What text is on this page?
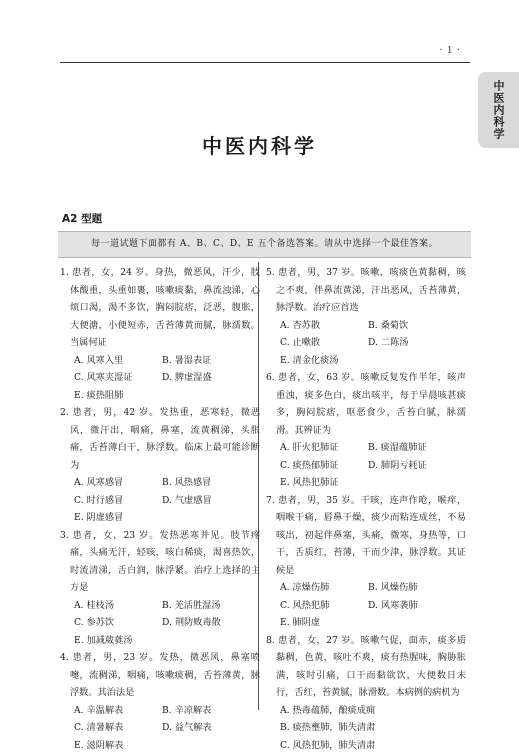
· 1 ·
中医内科学
中医内科学
A2 型题
每一道试题下面都有 A、B、C、D、E 五个备选答案。请从中选择一个最佳答案。
1. 患者，女，24 岁。身热，微恶风，汗少，肢体酸重，头重如裹，咳嗽痰黏，鼻流浊涕，心烦口渴，渴不多饮，胸闷脘痞，泛恶，腹胀，大便溏，小便短赤，舌苔薄黄而腻，脉濡数。当属何证
A. 风寒入里	B. 暑湿表证
C. 风寒夹湿证	D. 脾虚湿盛
E. 痰热阻肺
2. 患者，男，42 岁。发热重，恶寒轻，微恶风，微汗出，咽痛，鼻塞，流黄稠涕，头胀痛，舌苔薄白干，脉浮数。临床上最可能诊断为
A. 风寒感冒	B. 风热感冒
C. 时行感冒	D. 气虚感冒
E. 阴虚感冒
3. 患者，女，23 岁。发热恶寒并见。肢节疼痛，头痛无汗，轻咳，咳白稀痰，渴喜热饮，时流清涕，舌白润，脉浮紧。治疗上选择的主方是
A. 桂枝汤	B. 羌活胜湿汤
C. 参苏饮	D. 荆防败毒散
E. 加减葳蕤汤
4. 患者，男，23 岁。发热，微恶风，鼻塞喷嚏，流稠涕，咽痛，咳嗽痰稠，舌苔薄黄，脉浮数。其治法是
A. 辛温解表	B. 辛凉解表
C. 清暑解表	D. 益气解表
E. 滋阴解表
5. 患者，男，37 岁。咳嗽，咳痰色黄黏稠，咳之不爽，伴鼻流黄涕，汗出恶风，舌苔薄黄，脉浮数。治疗应首选
A. 杏苏散	B. 桑菊饮
C. 止嗽散	D. 二陈汤
E. 清金化痰汤
6. 患者，女，63 岁。咳嗽反复发作半年，咳声重浊，痰多色白，痰出咳平，每于早晨咳甚痰多，胸闷脘痞，呕恶食少，舌苔白腻，脉濡滑。其辨证为
A. 肝火犯肺证	B. 痰湿蕴肺证
C. 痰热郁肺证	D. 肺阴亏耗证
E. 风热犯肺证
7. 患者，男，35 岁。干咳，连声作呛，喉痒，咽喉干痛，唇鼻干燥，痰少而粘连成丝，不易咳出，初起伴鼻塞，头痛，微寒，身热等，口干，舌质红，苔薄，干而少津，脉浮数。其证候是
A. 凉燥伤肺	B. 风燥伤肺
C. 风热犯肺	D. 风寒袭肺
E. 肺阴虚
8. 患者，女，27 岁。咳嗽气促，面赤，痰多质黏稠，色黄，咳吐不爽，痰有热腥味，胸胁胀满，咳时引痛，口干而黏欲饮，大便数日未行，舌红，苔黄腻，脉滑数。本病例的病机为
A. 热毒蕴肺，酿痰成痈
B. 痰热壅肺，肺失清肃
C. 风热犯肺，肺失清肃
